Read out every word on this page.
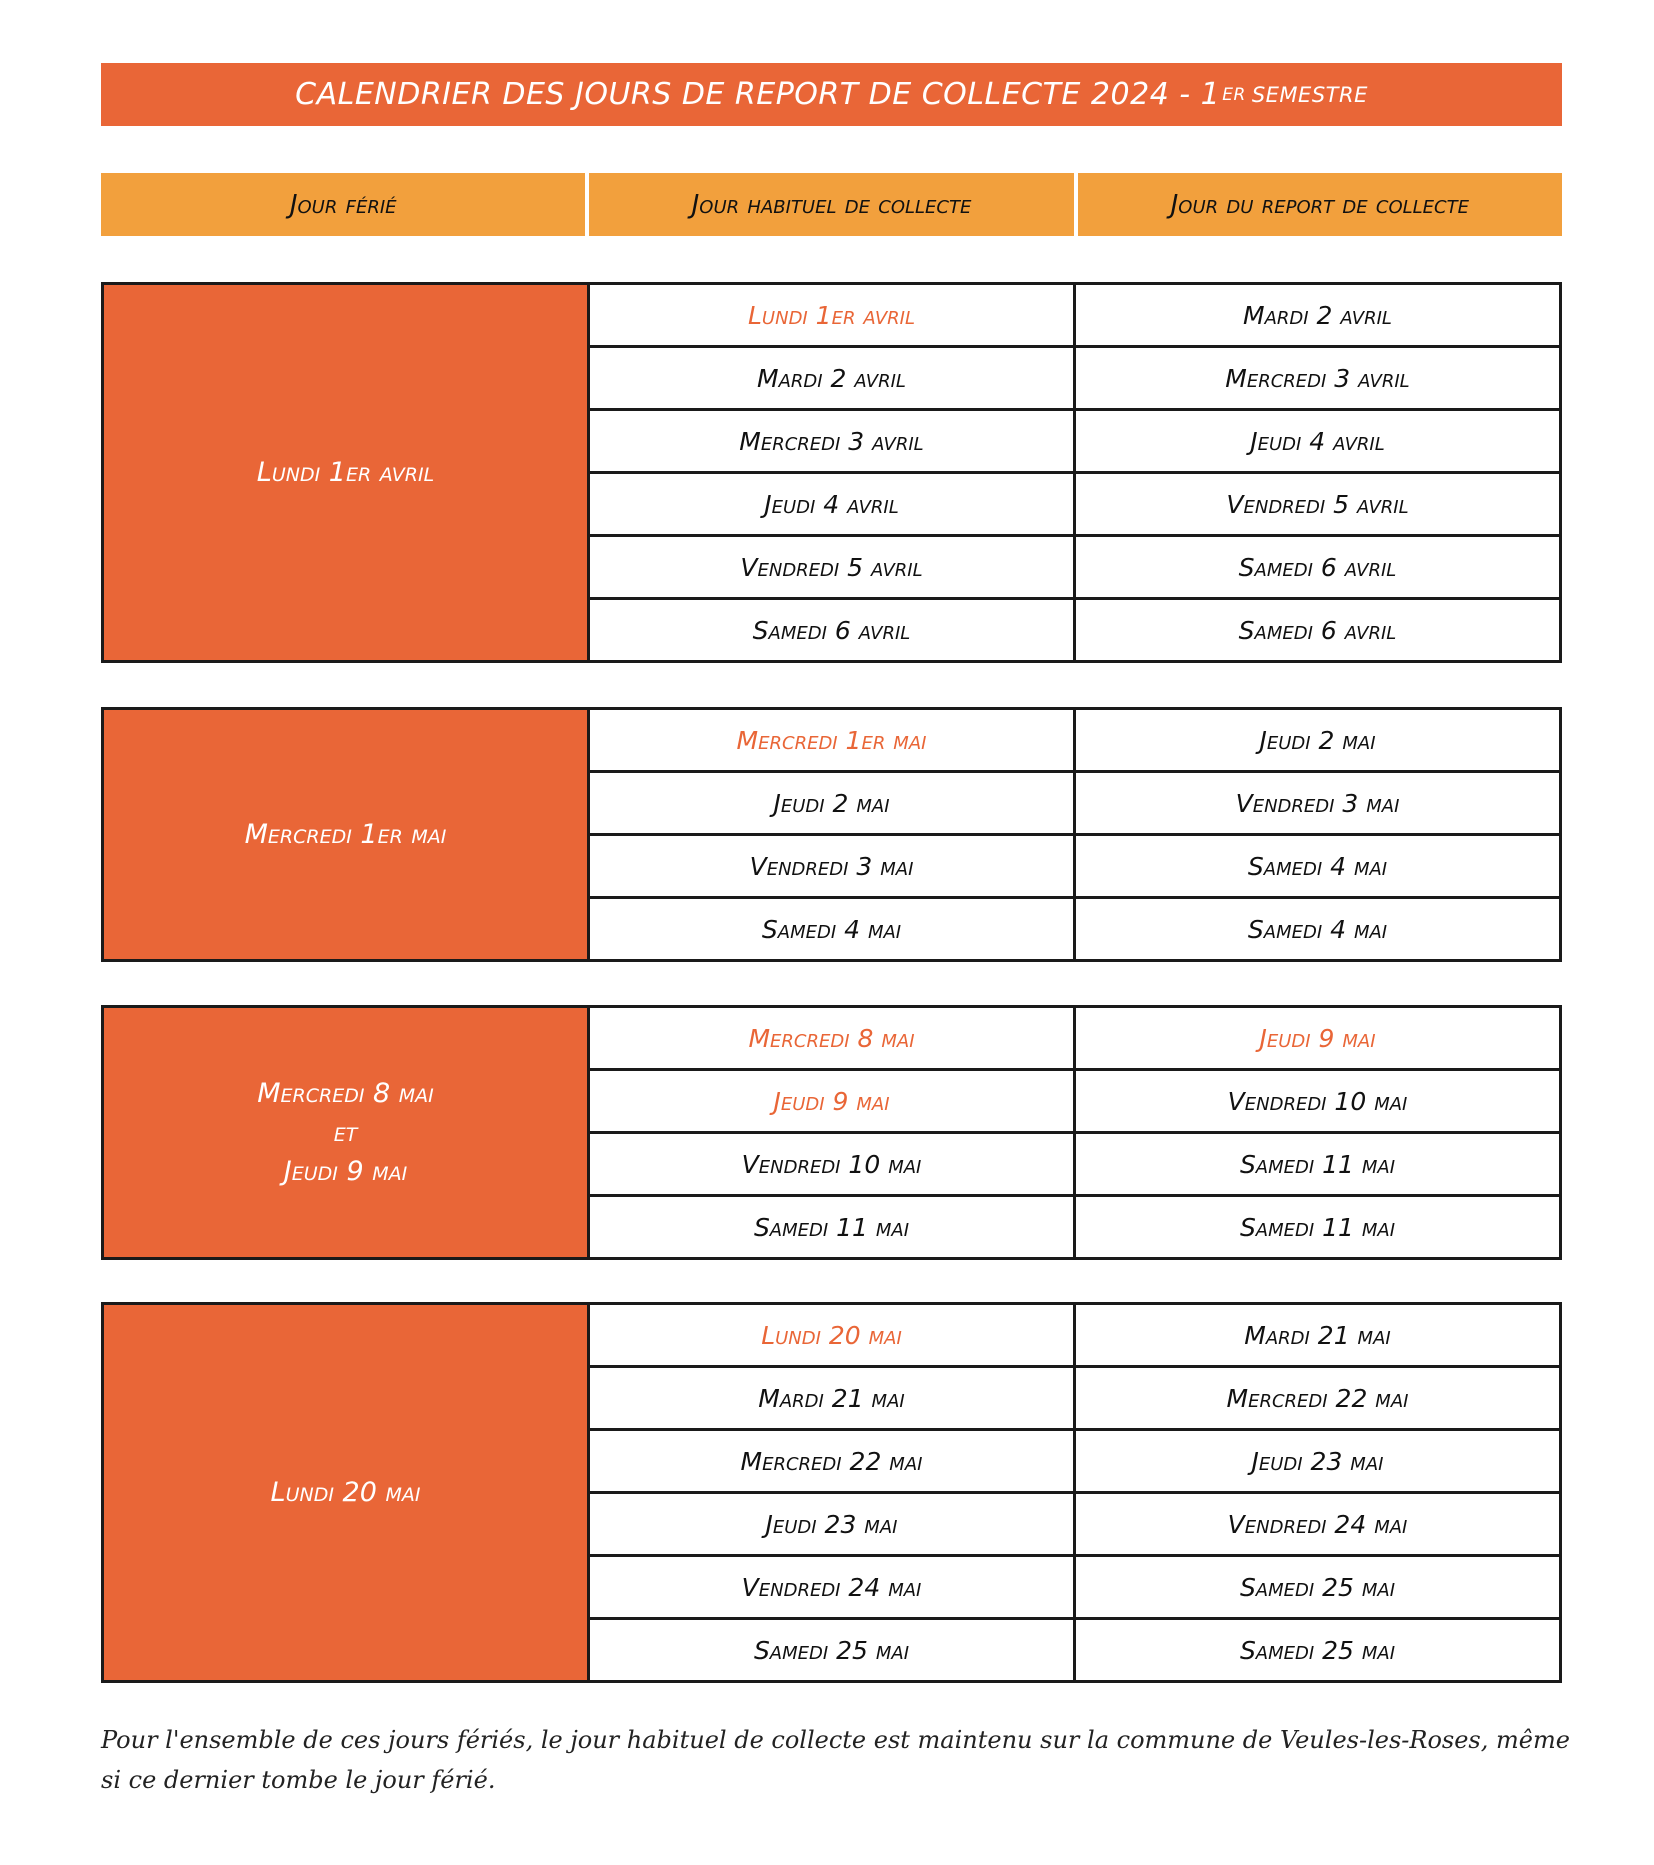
CALENDRIER DES JOURS DE REPORT DE COLLECTE 2024 - 1 ER SEMESTRE
Jour férié	Jour habituel de collecte	Jour du report de collecte
Lundi 1er avril
Lundi 1er avril	Mardi 2 avril
Mardi 2 avril	Mercredi 3 avril
Mercredi 3 avril	Jeudi 4 avril
Jeudi 4 avril	Vendredi 5 avril
Vendredi 5 avril	Samedi 6 avril
Samedi 6 avril	Samedi 6 avril
Mercredi 1er mai
Mercredi 1er mai	Jeudi 2 mai
Jeudi 2 mai	Vendredi 3 mai
Vendredi 3 mai	Samedi 4 mai
Samedi 4 mai	Samedi 4 mai
Mercredi 8 mai
et
Jeudi 9 mai
Mercredi 8 mai	Jeudi 9 mai
Jeudi 9 mai	Vendredi 10 mai
Vendredi 10 mai	Samedi 11 mai
Samedi 11 mai	Samedi 11 mai
Lundi 20 mai
Lundi 20 mai	Mardi 21 mai
Mardi 21 mai	Mercredi 22 mai
Mercredi 22 mai	Jeudi 23 mai
Jeudi 23 mai	Vendredi 24 mai
Vendredi 24 mai	Samedi 25 mai
Samedi 25 mai	Samedi 25 mai
Pour l'ensemble de ces jours fériés, le jour habituel de collecte est maintenu sur la commune de Veules-les-Roses, même si ce dernier tombe le jour férié.
